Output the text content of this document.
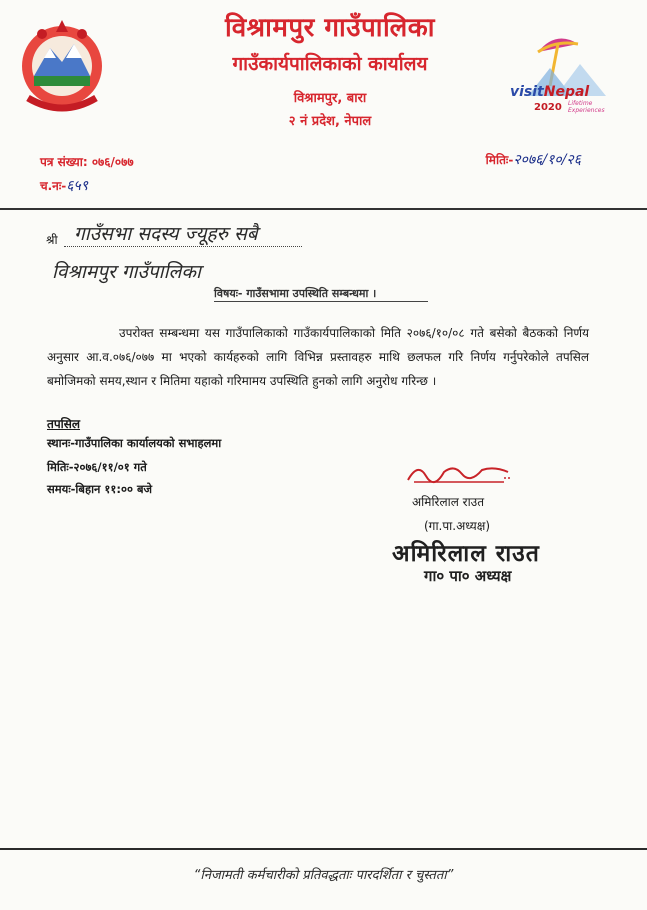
विश्रामपुर गाउँपालिका
गाउँकार्यपालिकाको कार्यालय
विश्रामपुर, बारा
२ नं प्रदेश, नेपाल
visitNepal
2020 Lifetime
Experiences
पत्र संख्या: ०७६/०७७
च.नः-६५९
मितिः-२०७६/१०/२६
श्री गाउँसभा सदस्य ज्यूहरु सबै
विश्रामपुर गाउँपालिका
विषयः- गाउँसभामा उपस्थिति सम्बन्धमा ।
उपरोक्त सम्बन्धमा यस गाउँपालिकाको गाउँकार्यपालिकाको मिति २०७६/१०/०८ गते बसेको बैठकको निर्णय अनुसार आ.व.०७६/०७७ मा भएको कार्यहरुको लागि विभिन्न प्रस्तावहरु माथि छलफल गरि निर्णय गर्नुपरेकोले तपसिल बमोजिमको समय,स्थान र मितिमा यहाको गरिमामय उपस्थिति हुनको लागि अनुरोध गरिन्छ ।
तपसिल
स्थानः-गाउँपालिका कार्यालयको सभाहलमा
मितिः-२०७६/११/०१ गते
समयः-बिहान ११:०० बजे
अमिरिलाल राउत
(गा.पा.अध्यक्ष)
अमिरिलाल राउत
गा० पा० अध्यक्ष
“निजामती कर्मचारीको प्रतिवद्धताः पारदर्शिता र चुस्तता”
